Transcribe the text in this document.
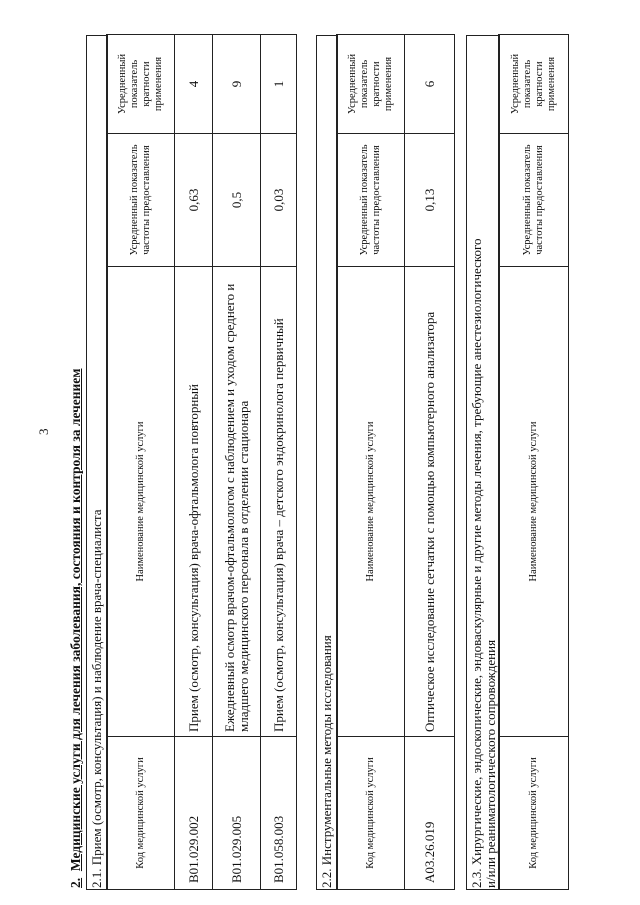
3
2.  Медицинские услуги для лечения заболевания, состояния и контроля за лечением 2.1. Прием (осмотр, консультация) и наблюдение врача-специалиста	Код медицинской услуги	Наименование медицинской услуги	Усредненный показатель частоты предоставления	Усредненный показатель кратности применения
B01.029.002	Прием (осмотр, консультация) врача-офтальмолога повторный	0,63	4
B01.029.005	Ежедневный осмотр врачом-офтальмологом с наблюдением и уходом среднего и младшего медицинского персонала в отделении стационара	0,5	9
B01.058.003	Прием (осмотр, консультация) врача – детского эндокринолога первичный	0,03	1
2.2. Инструментальные методы исследования	Код медицинской услуги	Наименование медицинской услуги	Усредненный показатель частоты предоставления	Усредненный показатель кратности применения
A03.26.019	Оптическое исследование сетчатки с помощью компьютерного анализатора	0,13	6
2.3. Хирургические, эндоскопические, эндоваскулярные и другие методы лечения, требующие анестезиологического и/или реаниматологического сопровождения	Код медицинской услуги	Наименование медицинской услуги	Усредненный показатель частоты предоставления	Усредненный показатель кратности применения
